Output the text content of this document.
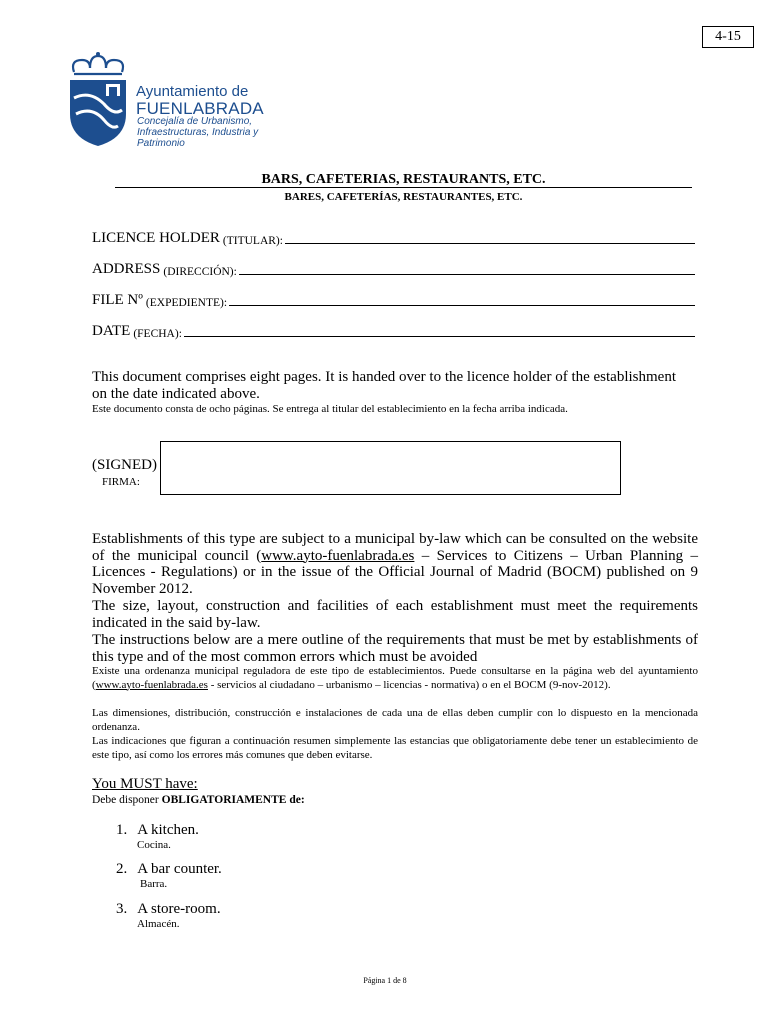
4-15
Ayuntamiento de
FUENLABRADA
Concejalía de Urbanismo,
Infraestructuras, Industria y
Patrimonio
BARS, CAFETERIAS, RESTAURANTS, ETC.
BARES, CAFETERÍAS, RESTAURANTES, ETC.
LICENCE HOLDER (TITULAR):
ADDRESS (DIRECCIÓN):
FILE Nº (EXPEDIENTE):
DATE (FECHA):
This document comprises eight pages. It is handed over to the licence holder of the establishment
on the date indicated above.
Este documento consta de ocho páginas. Se entrega al titular del establecimiento en la fecha arriba indicada.
(SIGNED)
FIRMA:
Establishments of this type are subject to a municipal by-law which can be consulted on the website of the municipal council (www.ayto-fuenlabrada.es – Services to Citizens – Urban Planning – Licences - Regulations) or in the issue of the Official Journal of Madrid (BOCM) published on 9 November 2012.
The size, layout, construction and facilities of each establishment must meet the requirements indicated in the said by-law.
The instructions below are a mere outline of the requirements that must be met by establishments of this type and of the most common errors which must be avoided
Existe una ordenanza municipal reguladora de este tipo de establecimientos. Puede consultarse en la página web del ayuntamiento (www.ayto-fuenlabrada.es - servicios al ciudadano – urbanismo – licencias - normativa) o en el BOCM (9-nov-2012).
Las dimensiones, distribución, construcción e instalaciones de cada una de ellas deben cumplir con lo dispuesto en la mencionada ordenanza.
Las indicaciones que figuran a continuación resumen simplemente las estancias que obligatoriamente debe tener un establecimiento de este tipo, así como los errores más comunes que deben evitarse.
You MUST have:
Debe disponer OBLIGATORIAMENTE de:
1. A kitchen.
Cocina.
2. A bar counter.
Barra.
3. A store-room.
Almacén.
Página 1 de 8
